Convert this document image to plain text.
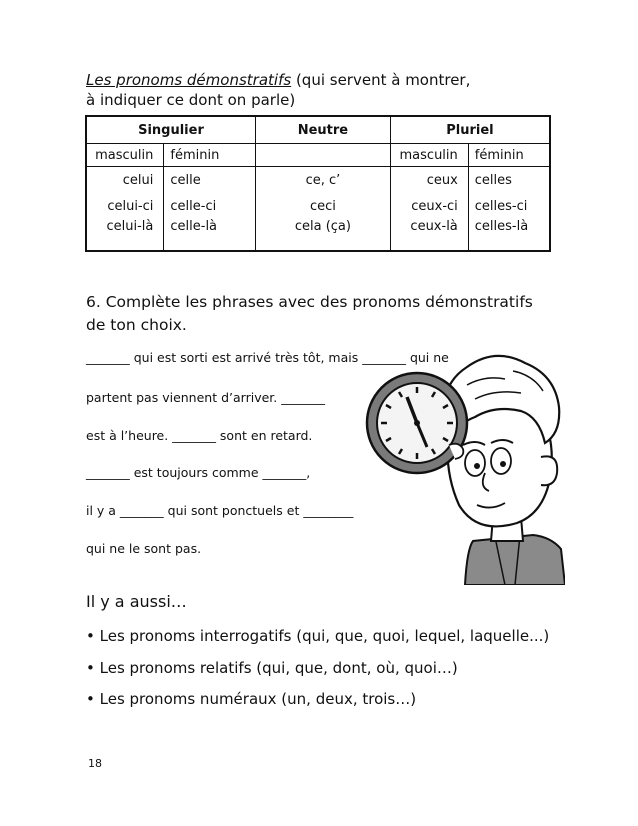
Les pronoms démonstratifs (qui servent à montrer,
à indiquer ce dont on parle)
Singulier		Neutre	Pluriel	
masculin	féminin		masculin	féminin
celui	celle	ce, c’	ceux	celles
celui-ci	celle-ci	ceci	ceux-ci	celles-ci
celui-là	celle-là	cela (ça)	ceux-là	celles-là
6. Complète les phrases avec des pronoms démonstratifs de ton choix.
_______ qui est sorti est arrivé très tôt, mais _______ qui ne
partent pas viennent d’arriver. _______
est à l’heure. _______ sont en retard.
_______ est toujours comme _______,
il y a _______ qui sont ponctuels et ________
qui ne le sont pas.
Il y a aussi…
• Les pronoms interrogatifs (qui, que, quoi, lequel, laquelle...)
• Les pronoms relatifs (qui, que, dont, où, quoi…)
• Les pronoms numéraux (un, deux, trois…)
18
